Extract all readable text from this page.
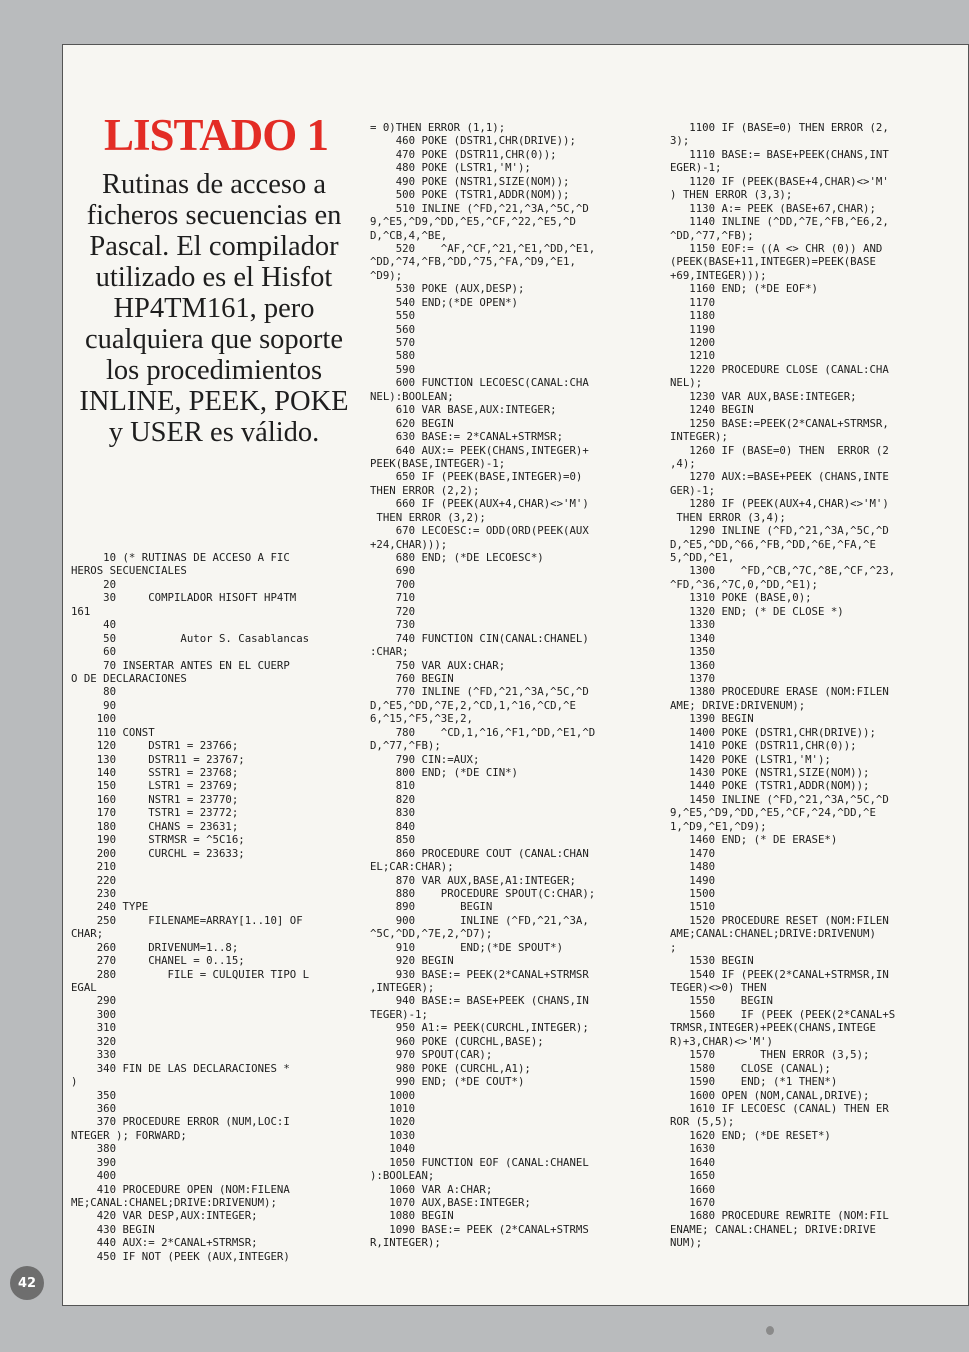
LISTADO 1

Rutinas de acceso a ficheros secuencias en Pascal. El compilador utilizado es el Hisfot HP4TM161, pero cualquiera que soporte los procedimientos INLINE, PEEK, POKE y USER es válido.

10 (* RUTINAS DE ACCESO A FIC
HEROS SECUENCIALES
20
30     COMPILADOR HISOFT HP4TM
161
40
50          Autor S. Casablancas
60
70 INSERTAR ANTES EN EL CUERP
O DE DECLARACIONES
80
90
100
110 CONST
120     DSTR1 = 23766;
130     DSTR11 = 23767;
140     SSTR1 = 23768;
150     LSTR1 = 23769;
160     NSTR1 = 23770;
170     TSTR1 = 23772;
180     CHANS = 23631;
190     STRMSR = ^5C16;
200     CURCHL = 23633;
210
220
230
240 TYPE
250     FILENAME=ARRAY[1..10] OF
CHAR;
260     DRIVENUM=1..8;
270     CHANEL = 0..15;
280        FILE = CULQUIER TIPO L
EGAL
290
300
310
320
330
340 FIN DE LAS DECLARACIONES *
)
350
360
370 PROCEDURE ERROR (NUM,LOC:I
NTEGER ); FORWARD;
380
390
400
410 PROCEDURE OPEN (NOM:FILENA
ME;CANAL:CHANEL;DRIVE:DRIVENUM);
420 VAR DESP,AUX:INTEGER;
430 BEGIN
440 AUX:= 2*CANAL+STRMSR;
450 IF NOT (PEEK (AUX,INTEGER)
= 0)THEN ERROR (1,1);
460 POKE (DSTR1,CHR(DRIVE));
470 POKE (DSTR11,CHR(0));
480 POKE (LSTR1,'M');
490 POKE (NSTR1,SIZE(NOM));
500 POKE (TSTR1,ADDR(NOM));
510 INLINE (^FD,^21,^3A,^5C,^D
9,^E5,^D9,^DD,^E5,^CF,^22,^E5,^D
D,^CB,4,^BE,
520    ^AF,^CF,^21,^E1,^DD,^E1,
^DD,^74,^FB,^DD,^75,^FA,^D9,^E1,
^D9);
530 POKE (AUX,DESP);
540 END;(*DE OPEN*)
550
560
570
580
590
600 FUNCTION LECOESC(CANAL:CHA
NEL):BOOLEAN;
610 VAR BASE,AUX:INTEGER;
620 BEGIN
630 BASE:= 2*CANAL+STRMSR;
640 AUX:= PEEK(CHANS,INTEGER)+
PEEK(BASE,INTEGER)-1;
650 IF (PEEK(BASE,INTEGER)=0)
THEN ERROR (2,2);
660 IF (PEEK(AUX+4,CHAR)<>'M')
THEN ERROR (3,2);
670 LECOESC:= ODD(ORD(PEEK(AUX
+24,CHAR)));
680 END; (*DE LECOESC*)
690
700
710
720
730
740 FUNCTION CIN(CANAL:CHANEL)
:CHAR;
750 VAR AUX:CHAR;
760 BEGIN
770 INLINE (^FD,^21,^3A,^5C,^D
D,^E5,^DD,^7E,2,^CD,1,^16,^CD,^E
6,^15,^F5,^3E,2,
780    ^CD,1,^16,^F1,^DD,^E1,^D
D,^77,^FB);
790 CIN:=AUX;
800 END; (*DE CIN*)
810
820
830
840
850
860 PROCEDURE COUT (CANAL:CHAN
EL;CAR:CHAR);
870 VAR AUX,BASE,A1:INTEGER;
880    PROCEDURE SPOUT(C:CHAR);
890       BEGIN
900       INLINE (^FD,^21,^3A,
^5C,^DD,^7E,2,^D7);
910       END;(*DE SPOUT*)
920 BEGIN
930 BASE:= PEEK(2*CANAL+STRMSR
,INTEGER);
940 BASE:= BASE+PEEK (CHANS,IN
TEGER)-1;
950 A1:= PEEK(CURCHL,INTEGER);
960 POKE (CURCHL,BASE);
970 SPOUT(CAR);
980 POKE (CURCHL,A1);
990 END; (*DE COUT*)
1000
1010
1020
1030
1040
1050 FUNCTION EOF (CANAL:CHANEL
):BOOLEAN;
1060 VAR A:CHAR;
1070 AUX,BASE:INTEGER;
1080 BEGIN
1090 BASE:= PEEK (2*CANAL+STRMS
R,INTEGER);
1100 IF (BASE=0) THEN ERROR (2,
3);
1110 BASE:= BASE+PEEK(CHANS,INT
EGER)-1;
1120 IF (PEEK(BASE+4,CHAR)<>'M'
) THEN ERROR (3,3);
1130 A:= PEEK (BASE+67,CHAR);
1140 INLINE (^DD,^7E,^FB,^E6,2,
^DD,^77,^FB);
1150 EOF:= ((A <> CHR (0)) AND
(PEEK(BASE+11,INTEGER)=PEEK(BASE
+69,INTEGER)));
1160 END; (*DE EOF*)
1170
1180
1190
1200
1210
1220 PROCEDURE CLOSE (CANAL:CHA
NEL);
1230 VAR AUX,BASE:INTEGER;
1240 BEGIN
1250 BASE:=PEEK(2*CANAL+STRMSR,
INTEGER);
1260 IF (BASE=0) THEN  ERROR (2
,4);
1270 AUX:=BASE+PEEK (CHANS,INTE
GER)-1;
1280 IF (PEEK(AUX+4,CHAR)<>'M')
THEN ERROR (3,4);
1290 INLINE (^FD,^21,^3A,^5C,^D
D,^E5,^DD,^66,^FB,^DD,^6E,^FA,^E
5,^DD,^E1,
1300    ^FD,^CB,^7C,^8E,^CF,^23,
^FD,^36,^7C,0,^DD,^E1);
1310 POKE (BASE,0);
1320 END; (* DE CLOSE *)
1330
1340
1350
1360
1370
1380 PROCEDURE ERASE (NOM:FILEN
AME; DRIVE:DRIVENUM);
1390 BEGIN
1400 POKE (DSTR1,CHR(DRIVE));
1410 POKE (DSTR11,CHR(0));
1420 POKE (LSTR1,'M');
1430 POKE (NSTR1,SIZE(NOM));
1440 POKE (TSTR1,ADDR(NOM));
1450 INLINE (^FD,^21,^3A,^5C,^D
9,^E5,^D9,^DD,^E5,^CF,^24,^DD,^E
1,^D9,^E1,^D9);
1460 END; (* DE ERASE*)
1470
1480
1490
1500
1510
1520 PROCEDURE RESET (NOM:FILEN
AME;CANAL:CHANEL;DRIVE:DRIVENUM)
;
1530 BEGIN
1540 IF (PEEK(2*CANAL+STRMSR,IN
TEGER)<>0) THEN
1550    BEGIN
1560    IF (PEEK (PEEK(2*CANAL+S
TRMSR,INTEGER)+PEEK(CHANS,INTEGE
R)+3,CHAR)<>'M')
1570       THEN ERROR (3,5);
1580    CLOSE (CANAL);
1590    END; (*1 THEN*)
1600 OPEN (NOM,CANAL,DRIVE);
1610 IF LECOESC (CANAL) THEN ER
ROR (5,5);
1620 END; (*DE RESET*)
1630
1640
1650
1660
1670
1680 PROCEDURE REWRITE (NOM:FIL
ENAME; CANAL:CHANEL; DRIVE:DRIVE
NUM);
42
